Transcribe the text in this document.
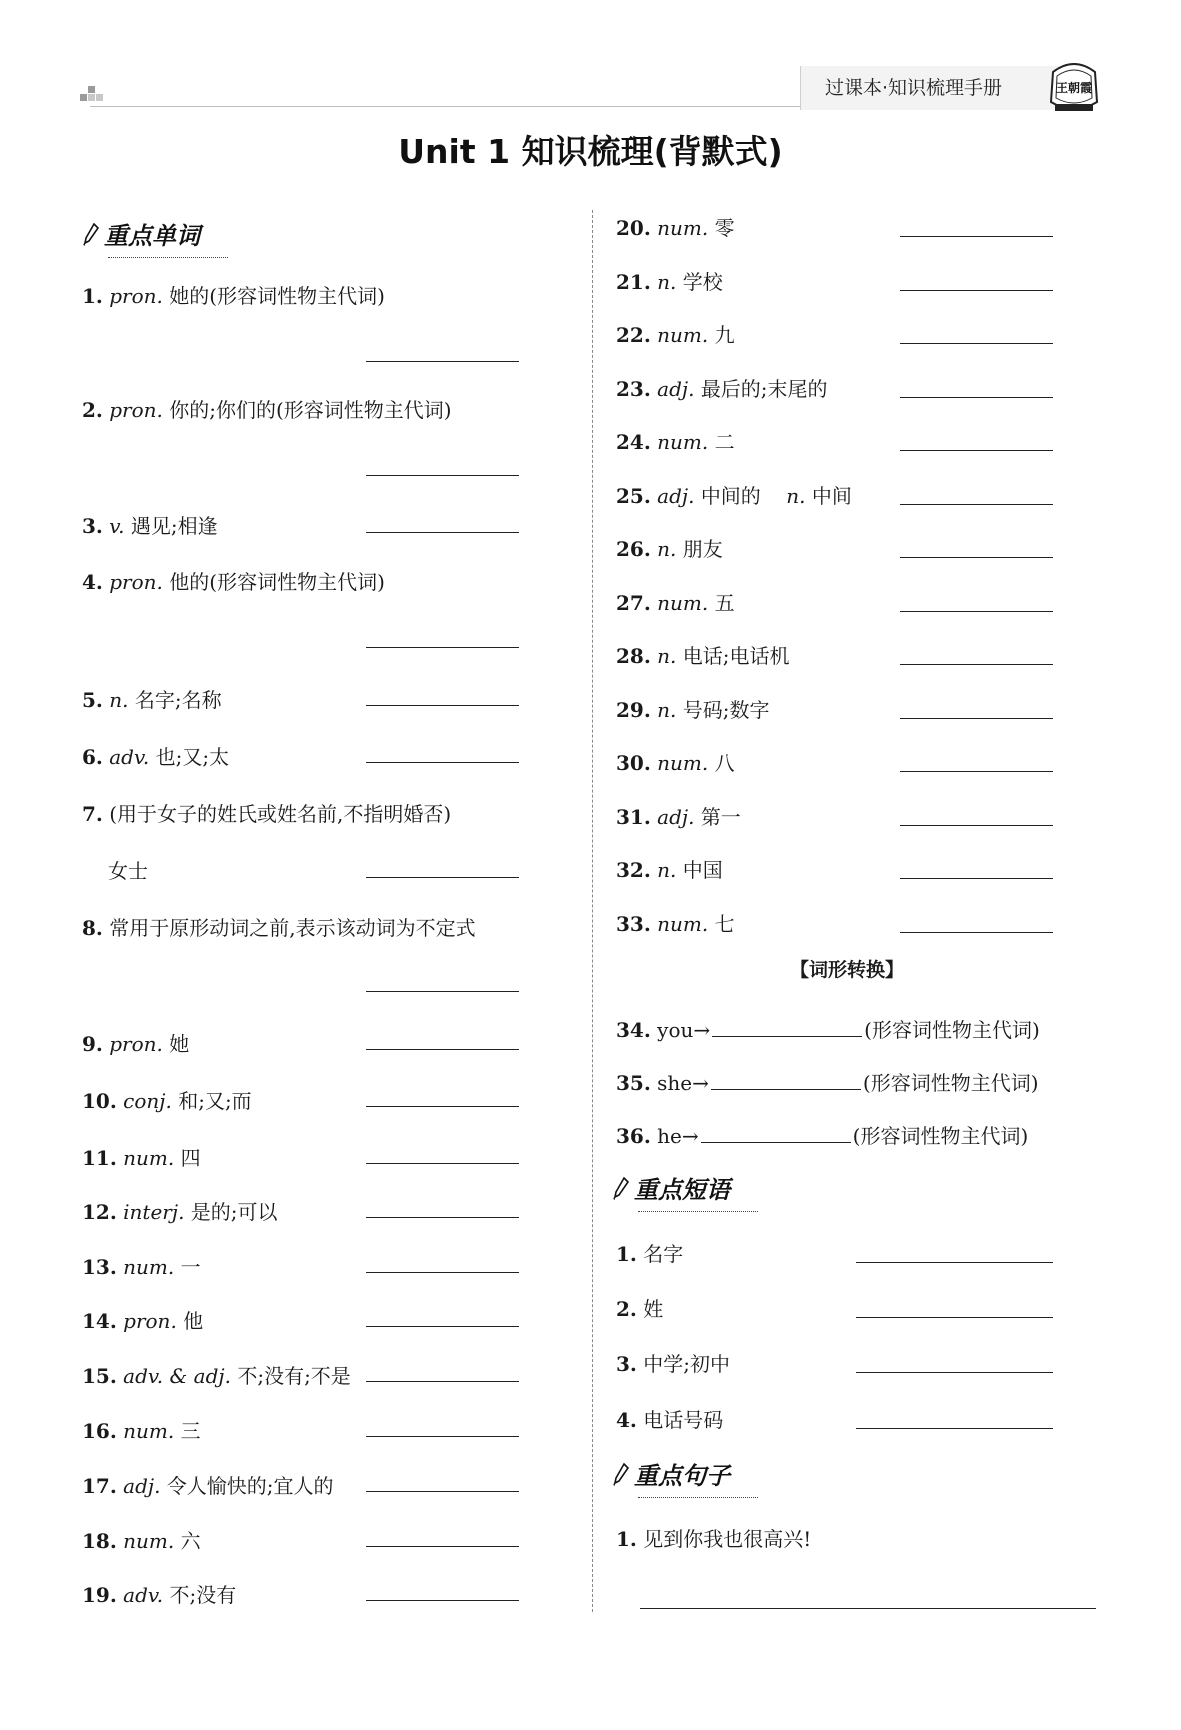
过课本·知识梳理手册	王朝霞
Unit 1 知识梳理(背默式)
重点单词
【词形转换】
重点短语
重点句子
1. pron. 她的(形容词性物主代词)
2. pron. 你的;你们的(形容词性物主代词)
3. v. 遇见;相逢
4. pron. 他的(形容词性物主代词)
5. n. 名字;名称
6. adv. 也;又;太
7. (用于女子的姓氏或姓名前,不指明婚否)
女士
8. 常用于原形动词之前,表示该动词为不定式
9. pron. 她
10. conj. 和;又;而
11. num. 四
12. interj. 是的;可以
13. num. 一
14. pron. 他
15. adv. & adj. 不;没有;不是
16. num. 三
17. adj. 令人愉快的;宜人的
18. num. 六
19. adv. 不;没有
20. num. 零
21. n. 学校
22. num. 九
23. adj. 最后的;末尾的
24. num. 二
25. adj. 中间的 n. 中间
26. n. 朋友
27. num. 五
28. n. 电话;电话机
29. n. 号码;数字
30. num. 八
31. adj. 第一
32. n. 中国
33. num. 七
34. you→	(形容词性物主代词)
35. she→	(形容词性物主代词)
36. he→	(形容词性物主代词)
1. 名字
2. 姓
3. 中学;初中
4. 电话号码
1. 见到你我也很高兴!
